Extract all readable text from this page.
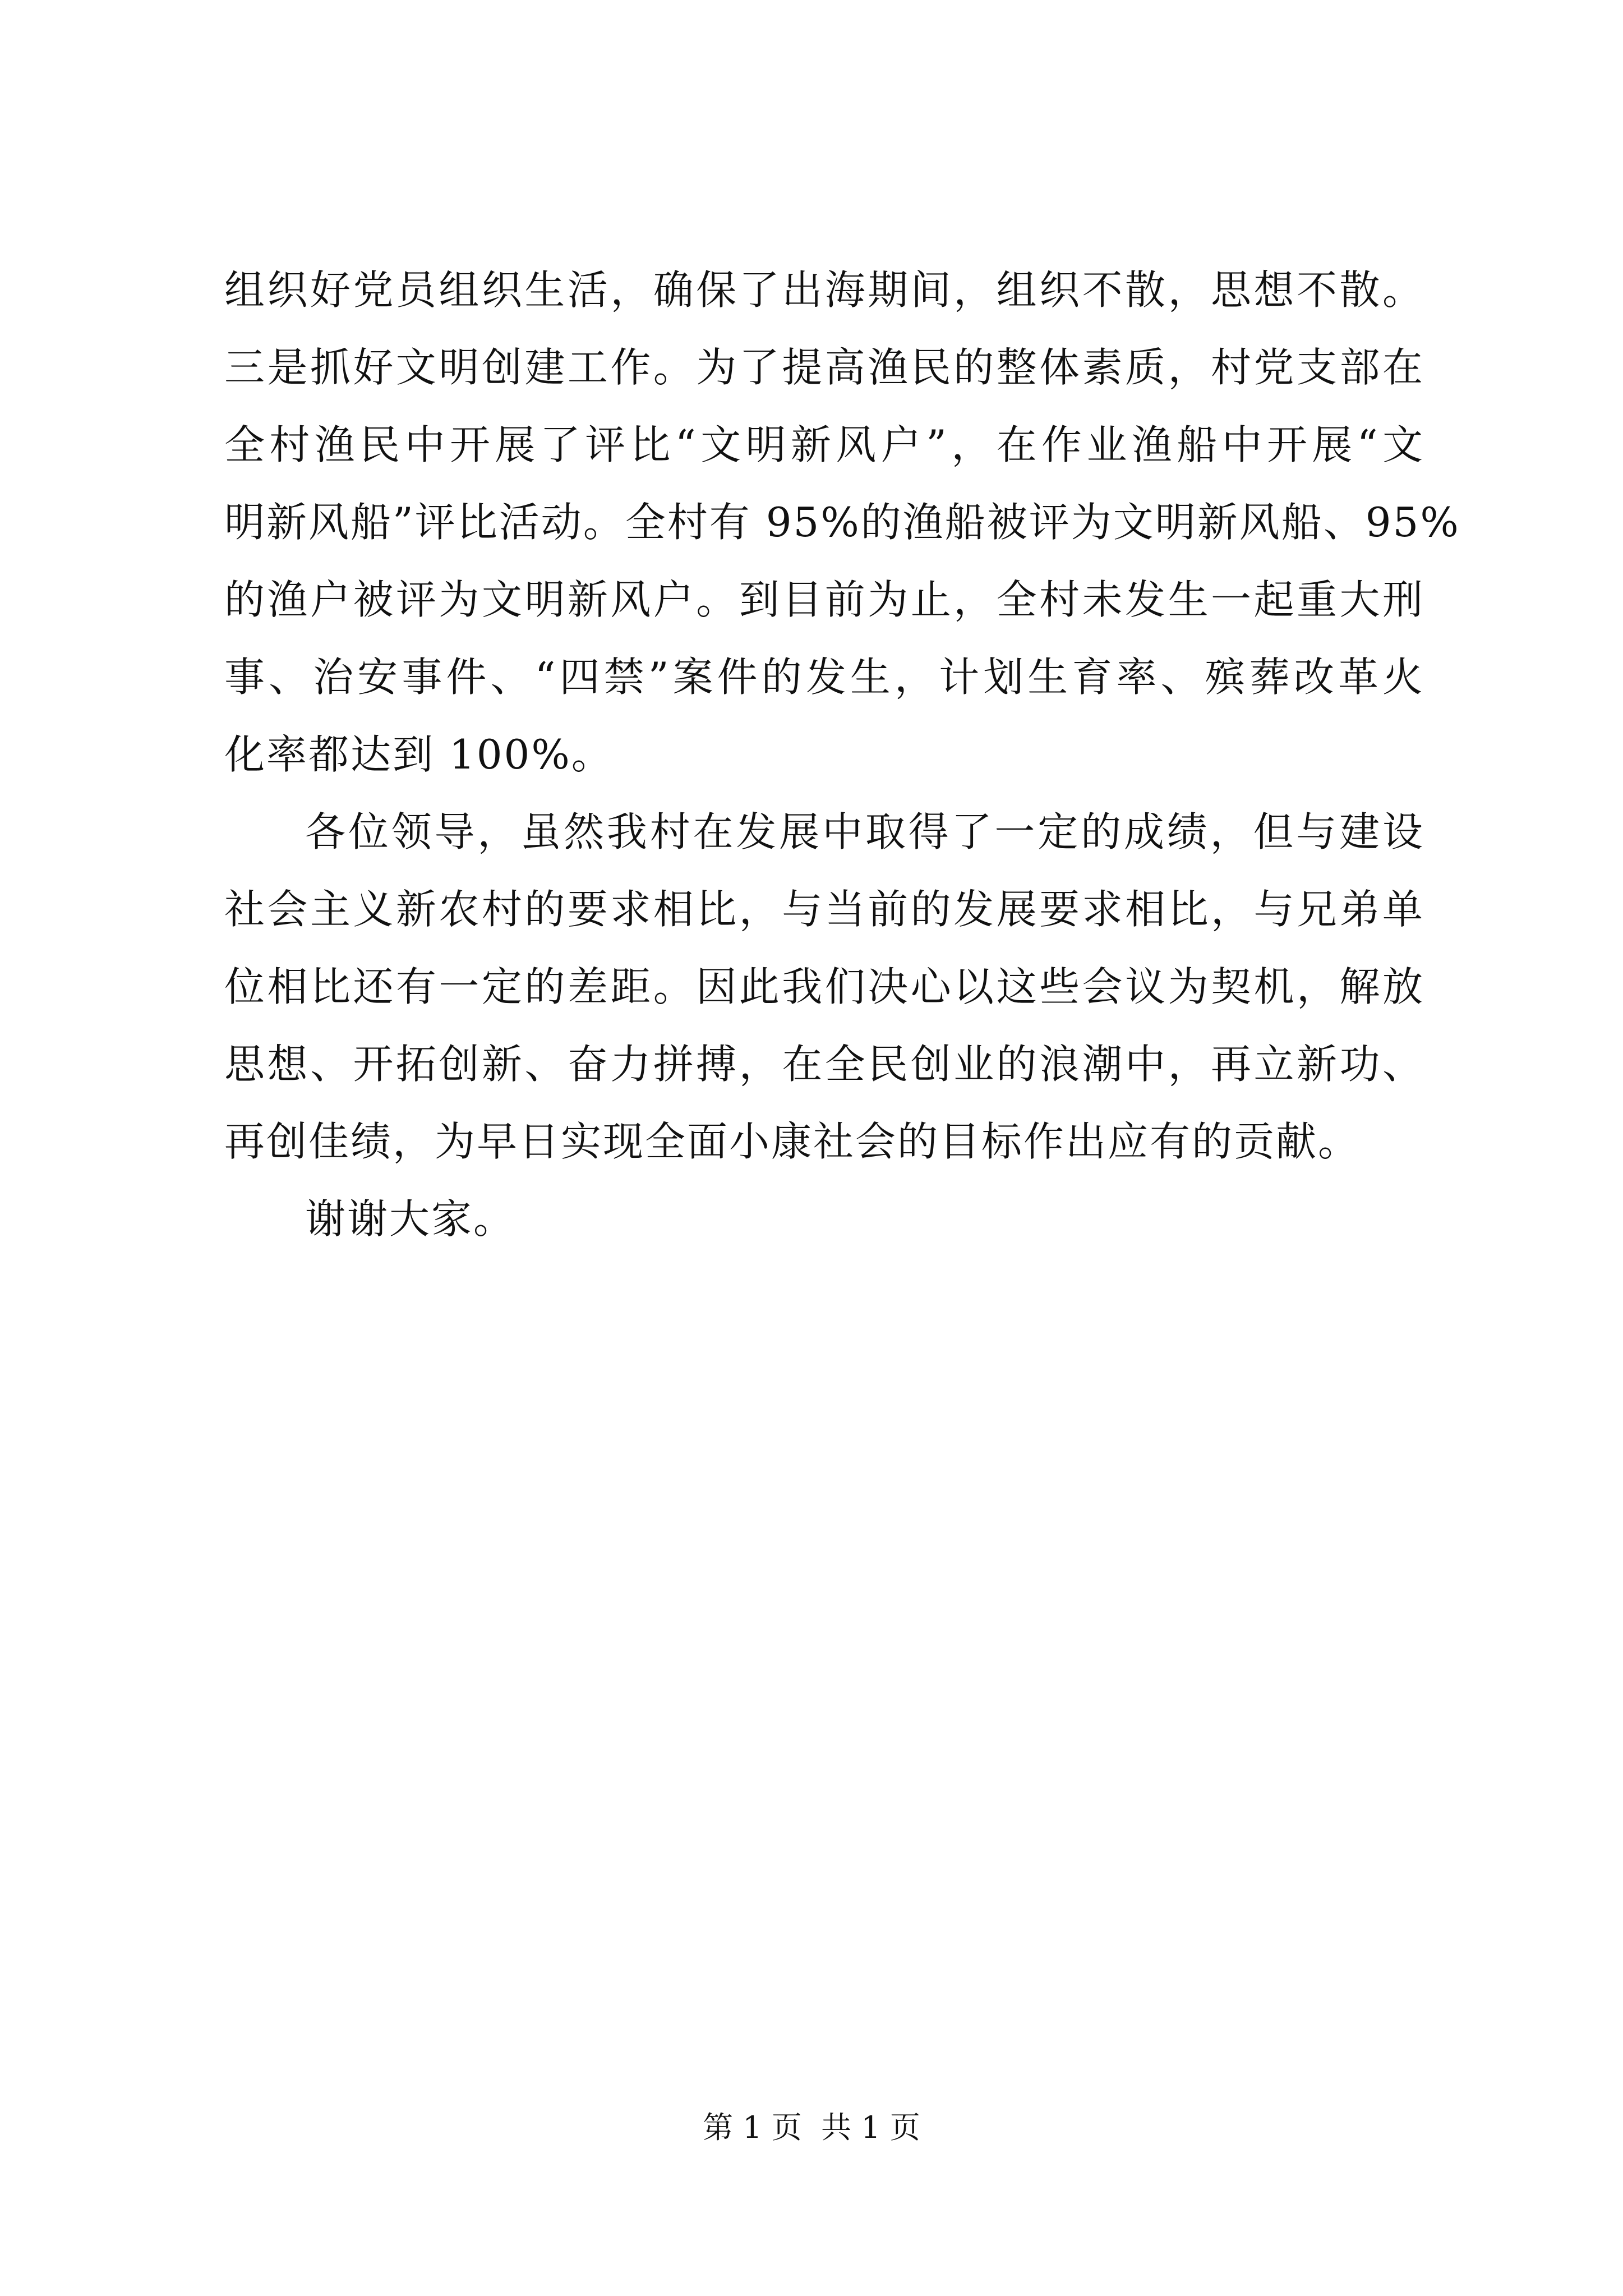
组织好党员组织生活，确保了出海期间，组织不散，思想不散。
三是抓好文明创建工作。为了提高渔民的整体素质，村党支部在
全村渔民中开展了评比“文明新风户”，在作业渔船中开展“文
明新风船”评比活动。全村有 95%的渔船被评为文明新风船、95%
的渔户被评为文明新风户。到目前为止，全村未发生一起重大刑
事、治安事件、“四禁”案件的发生，计划生育率、殡葬改革火
化率都达到 100%。
各位领导，虽然我村在发展中取得了一定的成绩，但与建设
社会主义新农村的要求相比，与当前的发展要求相比，与兄弟单
位相比还有一定的差距。因此我们决心以这些会议为契机，解放
思想、开拓创新、奋力拼搏，在全民创业的浪潮中，再立新功、
再创佳绩，为早日实现全面小康社会的目标作出应有的贡献。
谢谢大家。
第 1 页  共 1 页
